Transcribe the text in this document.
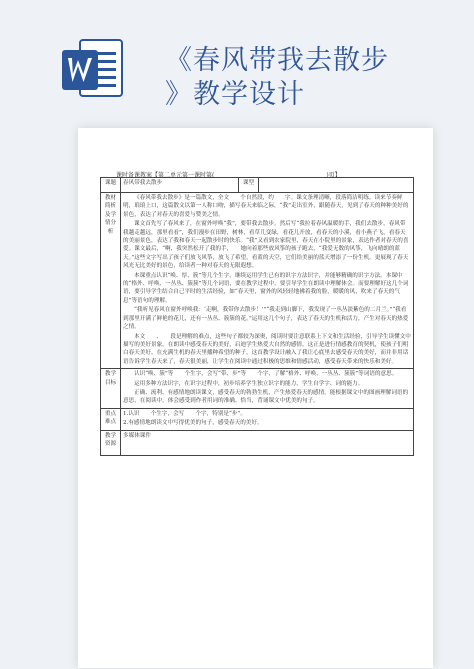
《春风带我去散步
》教学设计
课时备课教案【第二单元第一课时第(	)页】
课题	春风带我去散步	课型	

教材简析及学情分析	《春风带我去散步》是一篇散文，全文　　个自然段，约　　字。课文条理清晰，段落简洁明练。读来节奏鲜明，琅琅上口，这篇散文以第一人称口吻，描写春天来临之际，“我”走出室外，跟随春天，见到了春天的种种美好的景色，表达了对春天的喜爱与赞美之情。

课文首先写了春风来了，在窗外呼唤“我”，要带我去散步。然后写“我拉着春风温暖的手，我们去散步，春风带我越走越远，那里看看”，我们漫步在田野，树林，看草儿变绿，看花儿开放，看春天的小溪，看小燕子飞，看春天的美丽景色，表达了我和春天一起散步时的快乐。“我”又看到农家院里，春天在小院里的景象，表达作者对春天的喜爱。课文最后，“啊，我突然松开了我的手，　　她向着那些放风筝的孩子跑去，“我爱无数的风筝，飞向晴朗的蓝天。”这些文字写出了孩子们放飞风筝，放飞了希望，看蓝的天空，它们给美丽的蓝天增添了一份生机。更展现了春天风光无比美好的景色，给读者一种对春天的无限遐想。

本课重点认识“唤、厚、簇”等几个生字，继续运用学生已有的识字方法识字，并能够精确的识字方法。本课中的“格外、呼唤、一丛丛、簇簇”等几个词语，要在教学过程中，要引导学生在朗读中理解体会。而要理解好这几个词语，要引导学生结合自己平时的生活经验，如“春天里，窗外的风轻轻地拂着我的脸，暖暖的风，吹来了春天的气息”等语句的理解。

“我听见春风在窗外呼唤我：‘走啊，我带你去散步！’”“我走到山脚下，我发现了一丛丛淡紫色的二月兰。”“我看到那里开满了鲜艳的花儿，还有一丛丛、簇簇的花。”运用这几个句子，表达了春天的生机和活力，产生对春天的热爱之情。

本文　　、　　段是理解的难点，这些句子都较为深奥，阅读时要注意联系上下文和生活经验，引导学生读懂文中描写的美好景象，在朗读中感受春天的美好，启迪学生热爱大自然的感情。这正是进行情感教育的契机，使孩子们明白春天美好。在充满生机的春天里播种希望的种子，这首教学设计融入了我让心底里去感受春天的美好，而并非用话语告诉学生春天来了，春天很美丽，让学生在阅读中通过积极的思维和情感活动，感受春天带来的快乐和美好。		

教学目标	认识“唤、簇”等　　个生字，会写“带、步”等　　个字，了解“格外、呼唤、一丛丛、簇簇”等词语的意思。

运用多种方法识字，在识字过程中，初步培养学生独立识字的能力，学生自学字、词的能力。

正确、流利、有感情地朗读课文，感受春天的勃勃生机，产生热爱春天的感情。能根据课文中的图画理解词语的意思，在阅读中，体会感受到作者用词的准确、恰当，背诵课文中优美的句子。		

重点难点	1.认识　　个生字，会写　　个字，特别是“步”。

2.有感情地朗读文中写得优美的句子，感受春天的美好。		

教学资源	多媒体课件		
